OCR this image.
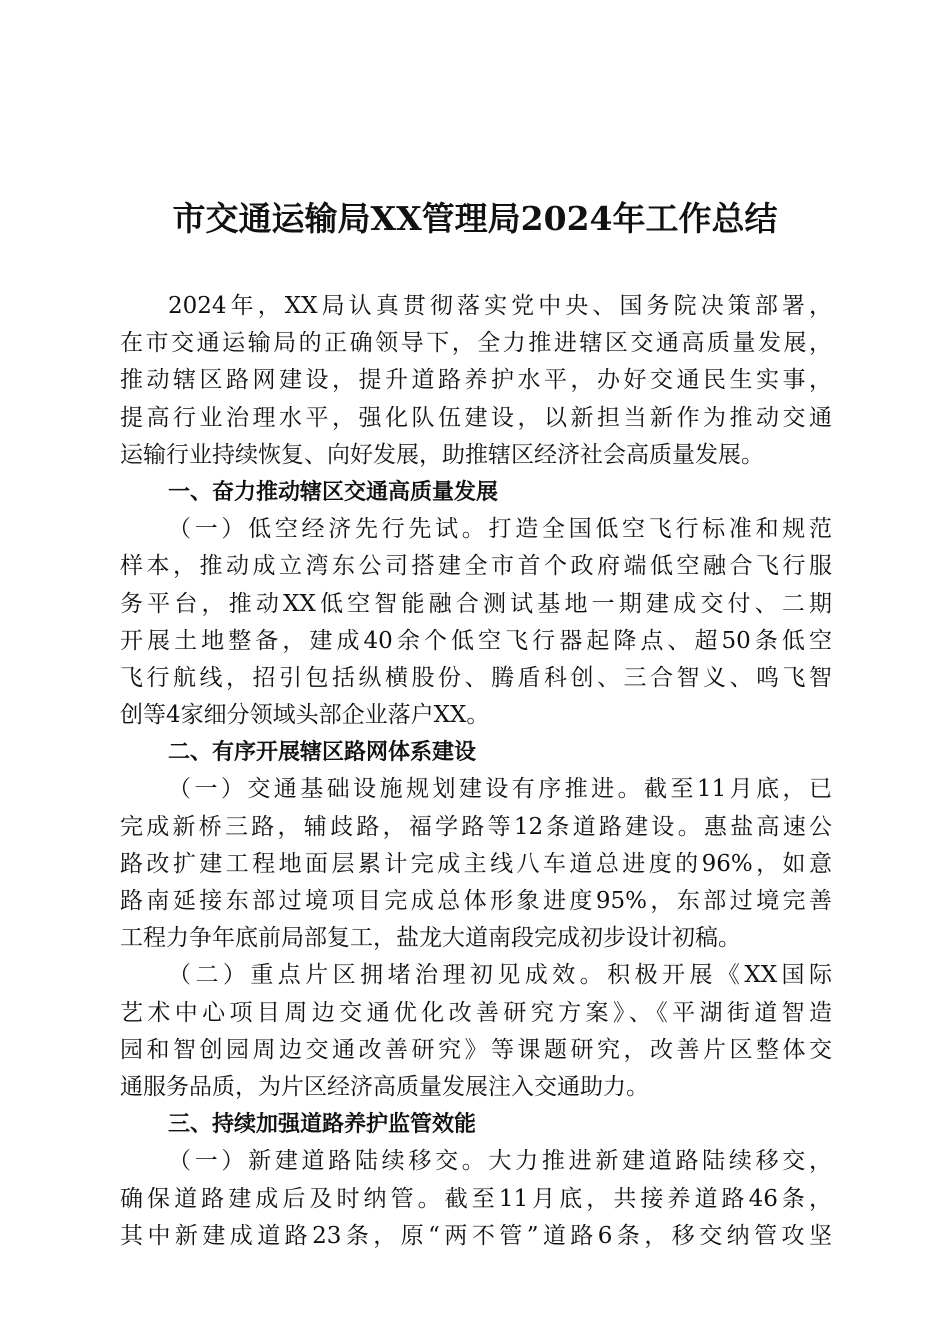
市交通运输局XX管理局2024年工作总结
2024年，XX局认真贯彻落实党中央、国务院决策部署，
在市交通运输局的正确领导下，全力推进辖区交通高质量发展，
推动辖区路网建设，提升道路养护水平，办好交通民生实事，
提高行业治理水平，强化队伍建设，以新担当新作为推动交通
运输行业持续恢复、向好发展，助推辖区经济社会高质量发展。
一、奋力推动辖区交通高质量发展
（一）低空经济先行先试。打造全国低空飞行标准和规范
样本，推动成立湾东公司搭建全市首个政府端低空融合飞行服
务平台，推动XX低空智能融合测试基地一期建成交付、二期
开展土地整备，建成40余个低空飞行器起降点、超50条低空
飞行航线，招引包括纵横股份、腾盾科创、三合智义、鸣飞智
创等4家细分领域头部企业落户XX。
二、有序开展辖区路网体系建设
（一）交通基础设施规划建设有序推进。截至11月底，已
完成新桥三路，辅歧路，福学路等12条道路建设。惠盐高速公
路改扩建工程地面层累计完成主线八车道总进度的96%，如意
路南延接东部过境项目完成总体形象进度95%，东部过境完善
工程力争年底前局部复工，盐龙大道南段完成初步设计初稿。
（二）重点片区拥堵治理初见成效。积极开展《XX国际
艺术中心项目周边交通优化改善研究方案》、《平湖街道智造
园和智创园周边交通改善研究》等课题研究，改善片区整体交
通服务品质，为片区经济高质量发展注入交通助力。
三、持续加强道路养护监管效能
（一）新建道路陆续移交。大力推进新建道路陆续移交，
确保道路建成后及时纳管。截至11月底，共接养道路46条，
其中新建成道路23条，原“两不管”道路6条，移交纳管攻坚
